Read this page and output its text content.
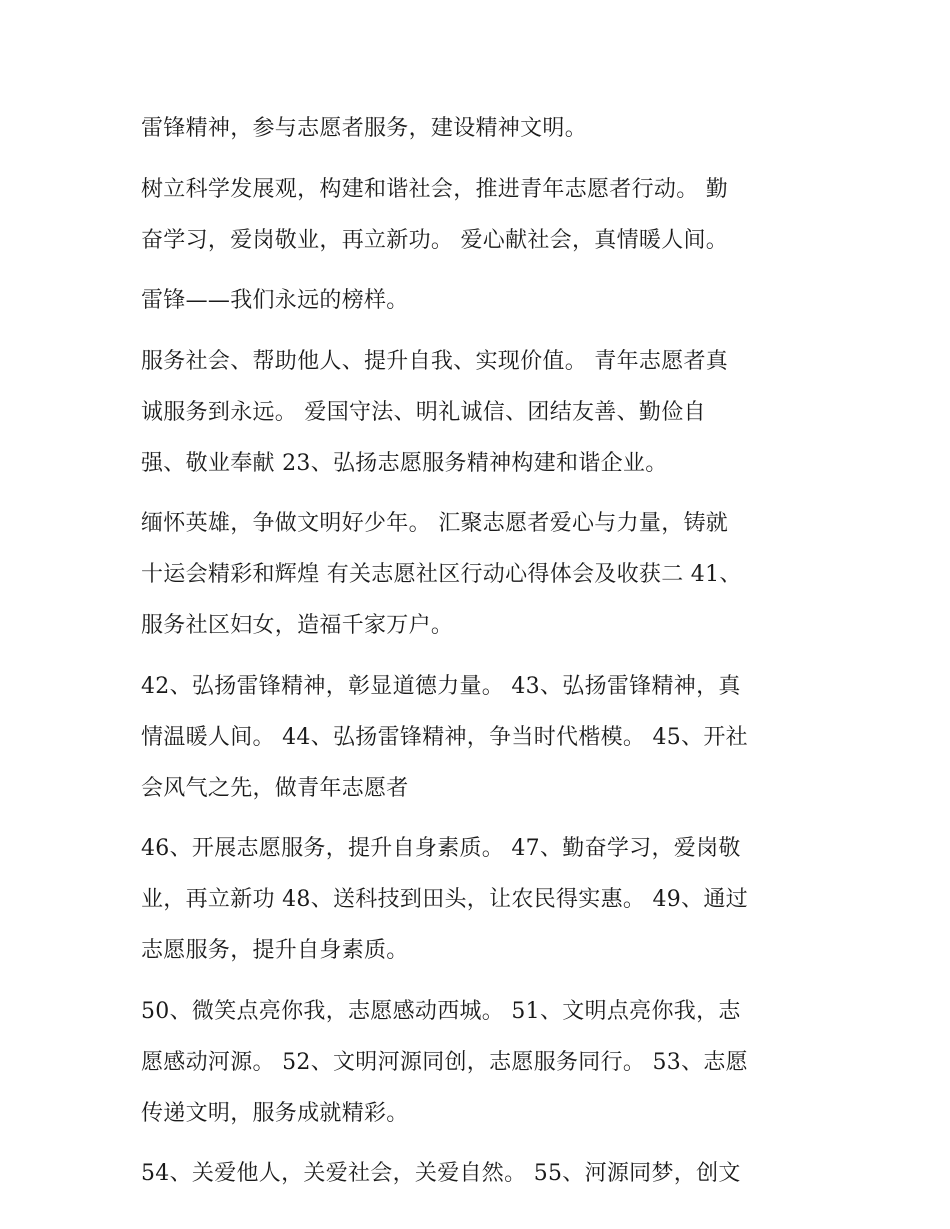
雷锋精神，参与志愿者服务，建设精神文明。

树立科学发展观，构建和谐社会，推进青年志愿者行动。 勤
奋学习，爱岗敬业，再立新功。 爱心献社会，真情暖人间。

雷锋——我们永远的榜样。

服务社会、帮助他人、提升自我、实现价值。 青年志愿者真
诚服务到永远。 爱国守法、明礼诚信、团结友善、勤俭自
强、敬业奉献 23、弘扬志愿服务精神构建和谐企业。

缅怀英雄，争做文明好少年。 汇聚志愿者爱心与力量，铸就
十运会精彩和辉煌 有关志愿社区行动心得体会及收获二 41、
服务社区妇女，造福千家万户。

42、弘扬雷锋精神，彰显道德力量。 43、弘扬雷锋精神，真
情温暖人间。 44、弘扬雷锋精神，争当时代楷模。 45、开社
会风气之先，做青年志愿者

46、开展志愿服务，提升自身素质。 47、勤奋学习，爱岗敬
业，再立新功 48、送科技到田头，让农民得实惠。 49、通过
志愿服务，提升自身素质。

50、微笑点亮你我，志愿感动西城。 51、文明点亮你我，志
愿感动河源。 52、文明河源同创，志愿服务同行。 53、志愿
传递文明，服务成就精彩。

54、关爱他人，关爱社会，关爱自然。 55、河源同梦，创文
